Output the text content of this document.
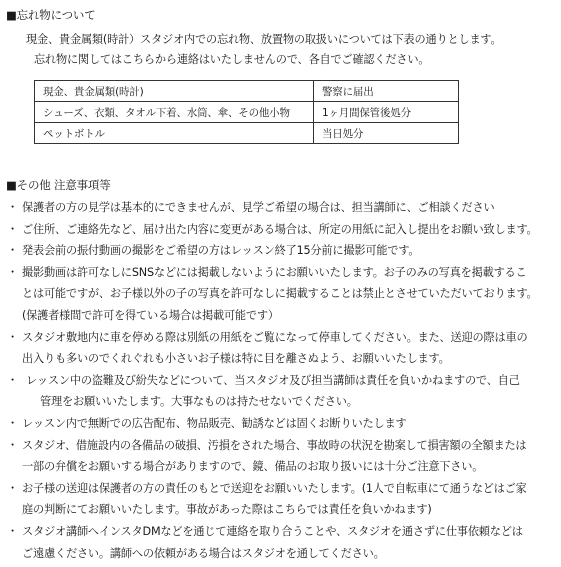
■忘れ物について
現金、貴金属類(時計）スタジオ内での忘れ物、放置物の取扱いについては下表の通りとします。
忘れ物に関してはこちらから連絡はいたしませんので、各自でご確認ください。
現金、貴金属類(時計)	警察に届出
シューズ、衣類、タオル下着、水筒、傘、その他小物	1ヶ月間保管後処分
ペットボトル	当日処分
■その他 注意事項等
・ 保護者の方の見学は基本的にできませんが、見学ご希望の場合は、担当講師に、ご相談ください
・ ご住所、ご連絡先など、届け出た内容に変更がある場合は、所定の用紙に記入し提出をお願い致します。
・ 発表会前の振付動画の撮影をご希望の方はレッスン終了15分前に撮影可能です。
・ 撮影動画は許可なしにSNSなどには掲載しないようにお願いいたします。お子のみの写真を掲載するこ
とは可能ですが、お子様以外の子の写真を許可なしに掲載することは禁止とさせていただいております。
(保護者様間で許可を得ている場合は掲載可能です）
・ スタジオ敷地内に車を停める際は別紙の用紙をご覧になって停車してください。また、送迎の際は車の
出入りも多いのでくれぐれも小さいお子様は特に目を離さぬよう、お願いいたします。
・ レッスン中の盗難及び紛失などについて、当スタジオ及び担当講師は責任を負いかねますので、自己
管理をお願いいたします。大事なものは持たせないでください。
・ レッスン内で無断での広告配布、物品販売、勧誘などは固くお断りいたします
・ スタジオ、借施設内の各備品の破損、汚損をされた場合、事故時の状況を勘案して損害額の全額または
一部の弁償をお願いする場合がありますので、鏡、備品のお取り扱いには十分ご注意下さい。
・ お子様の送迎は保護者の方の責任のもとで送迎をお願いいたします。(1人で自転車にて通うなどはご家
庭の判断にてお願いいたします。事故があった際はこちらでは責任を負いかねます)
・ スタジオ講師へインスタDMなどを通じて連絡を取り合うことや、スタジオを通さずに仕事依頼などは
ご遠慮ください。講師への依頼がある場合はスタジオを通してください。
